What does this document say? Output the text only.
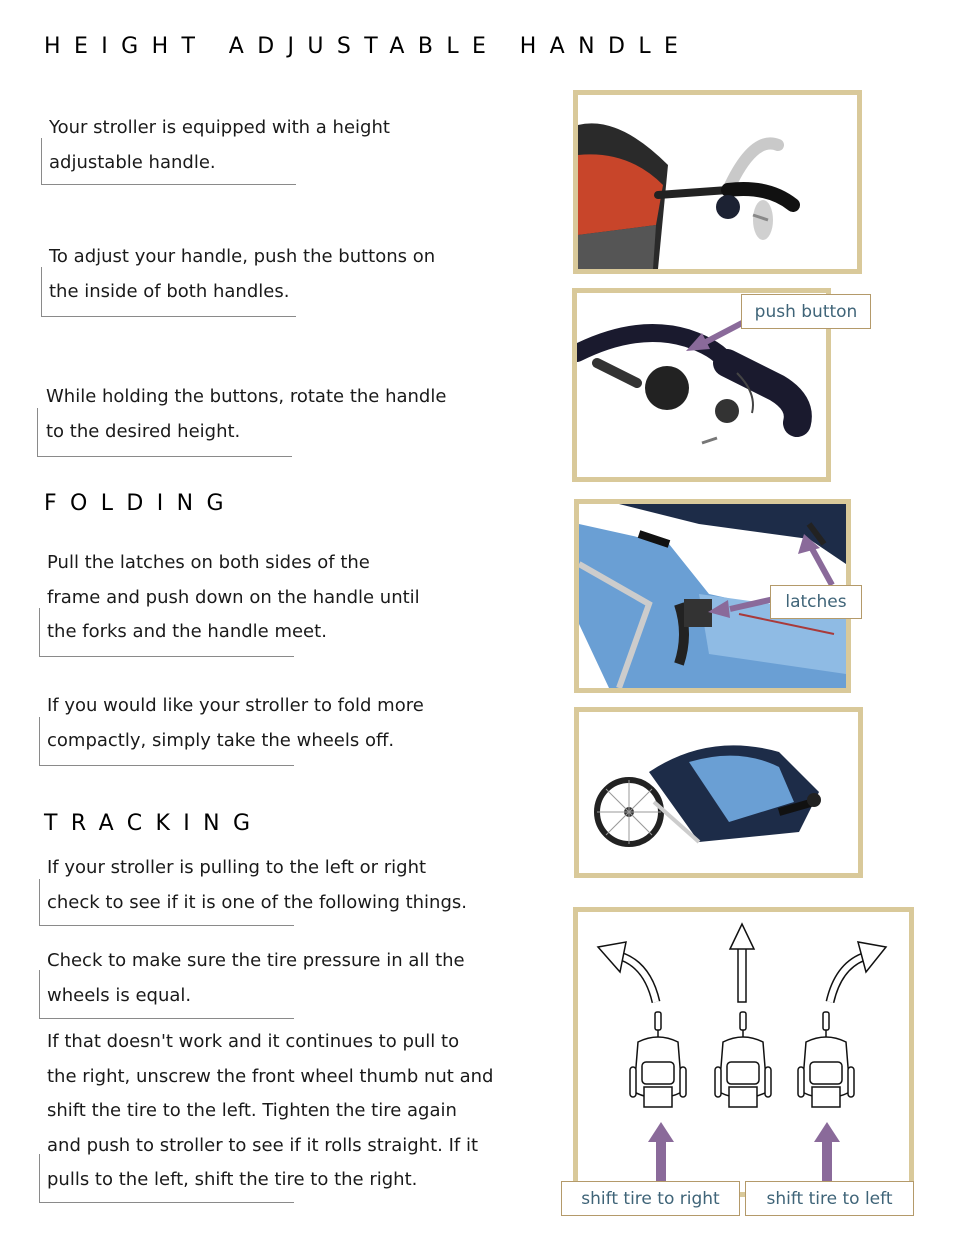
HEIGHT ADJUSTABLE HANDLE
FOLDING
TRACKING
Your stroller is equipped with a height
adjustable handle.
To adjust your handle, push the buttons on
the inside of both handles.
While holding the buttons, rotate the handle
to the desired height.
Pull the latches on both sides of the
frame and push down on the handle until
the forks and the handle meet.
If you would like your stroller to fold more
compactly, simply take the wheels off.
If your stroller is pulling to the left or right
check to see if it is one of the following things.
Check to make sure the tire pressure in all the
wheels is equal.
If that doesn't work and it continues to pull to
the right, unscrew the front wheel thumb nut and
shift the tire to the left. Tighten the tire again
and push to stroller to see if it rolls straight. If it
pulls to the left, shift the tire to the right.
push button
latches
shift tire to right	shift tire to left
